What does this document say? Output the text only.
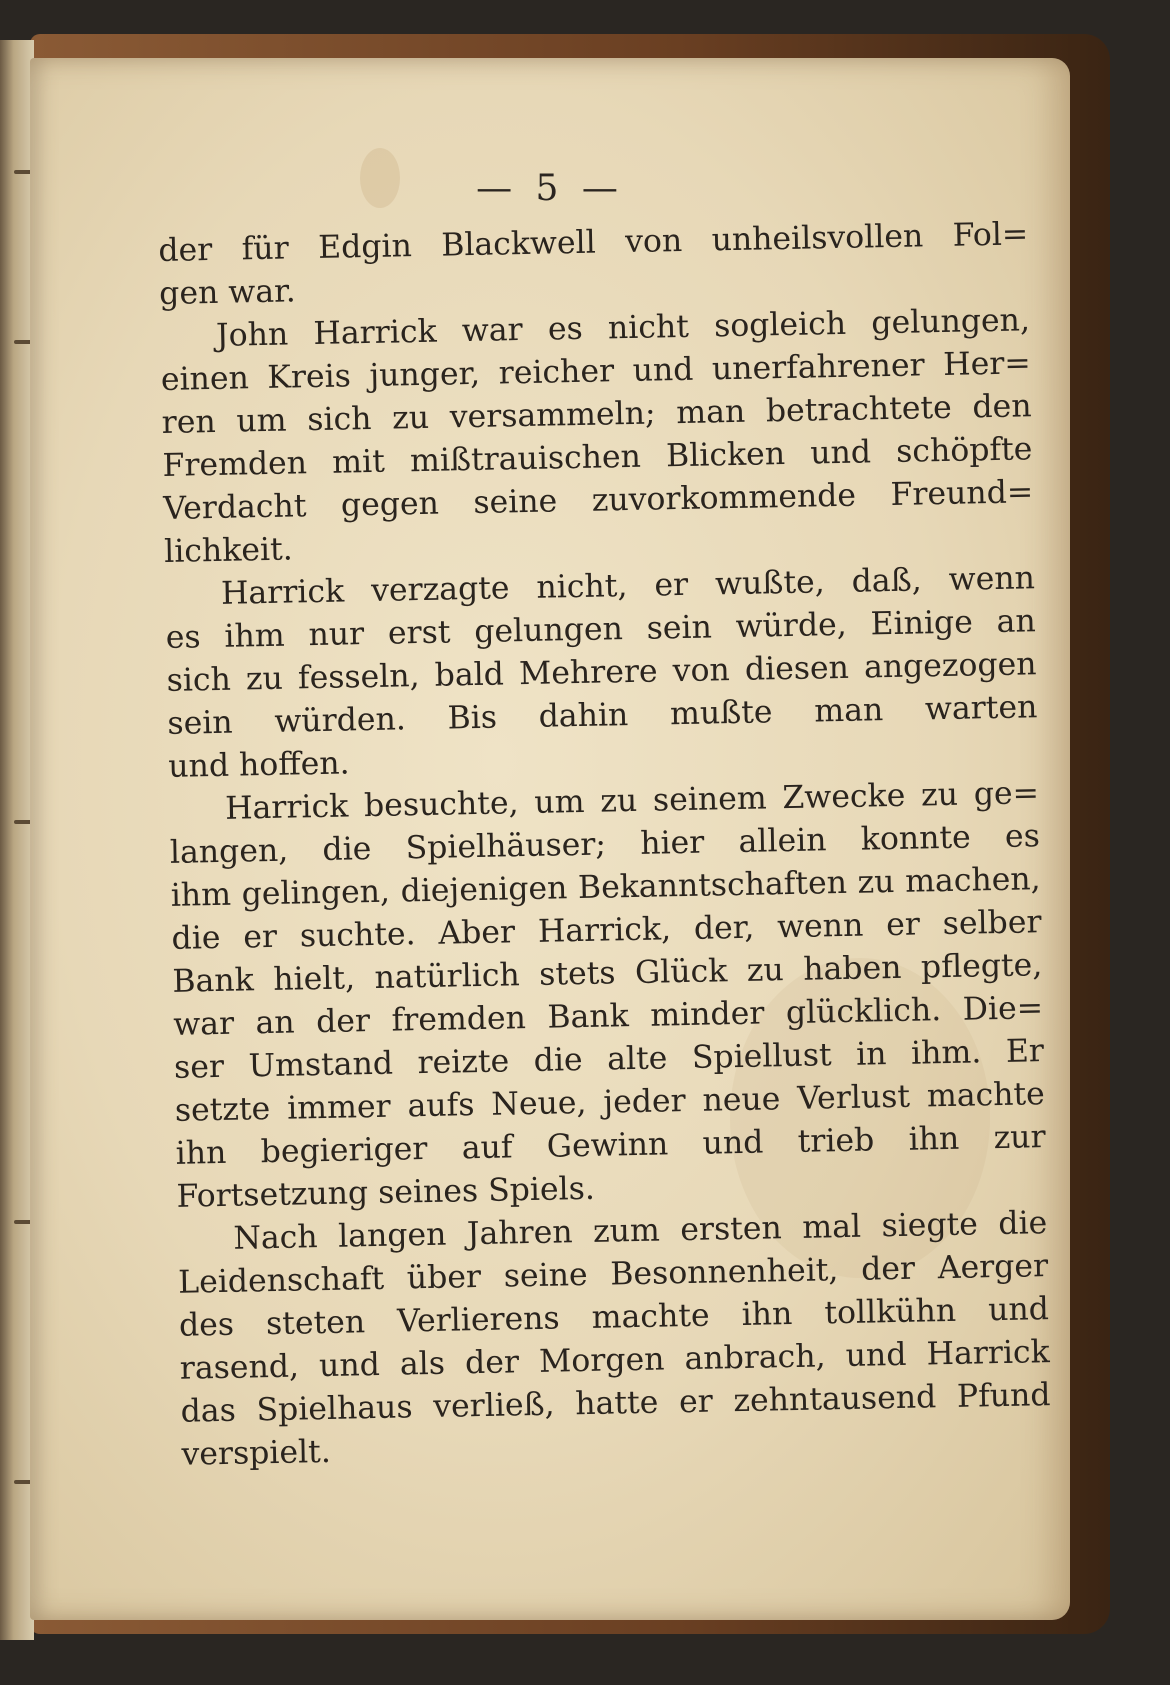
— 5 —
der für Edgin Blackwell von unheilsvollen Fol=
gen war.
John Harrick war es nicht sogleich gelungen,
einen Kreis junger, reicher und unerfahrener Her=
ren um sich zu versammeln; man betrachtete den
Fremden mit mißtrauischen Blicken und schöpfte
Verdacht gegen seine zuvorkommende Freund=
lichkeit.
Harrick verzagte nicht, er wußte, daß, wenn
es ihm nur erst gelungen sein würde, Einige an
sich zu fesseln, bald Mehrere von diesen angezogen
sein würden. Bis dahin mußte man warten
und hoffen.
Harrick besuchte, um zu seinem Zwecke zu ge=
langen, die Spielhäuser; hier allein konnte es
ihm gelingen, diejenigen Bekanntschaften zu machen,
die er suchte. Aber Harrick, der, wenn er selber
Bank hielt, natürlich stets Glück zu haben pflegte,
war an der fremden Bank minder glücklich. Die=
ser Umstand reizte die alte Spiellust in ihm. Er
setzte immer aufs Neue, jeder neue Verlust machte
ihn begieriger auf Gewinn und trieb ihn zur
Fortsetzung seines Spiels.
Nach langen Jahren zum ersten mal siegte die
Leidenschaft über seine Besonnenheit, der Aerger
des steten Verlierens machte ihn tollkühn und
rasend, und als der Morgen anbrach, und Harrick
das Spielhaus verließ, hatte er zehntausend Pfund
verspielt.
